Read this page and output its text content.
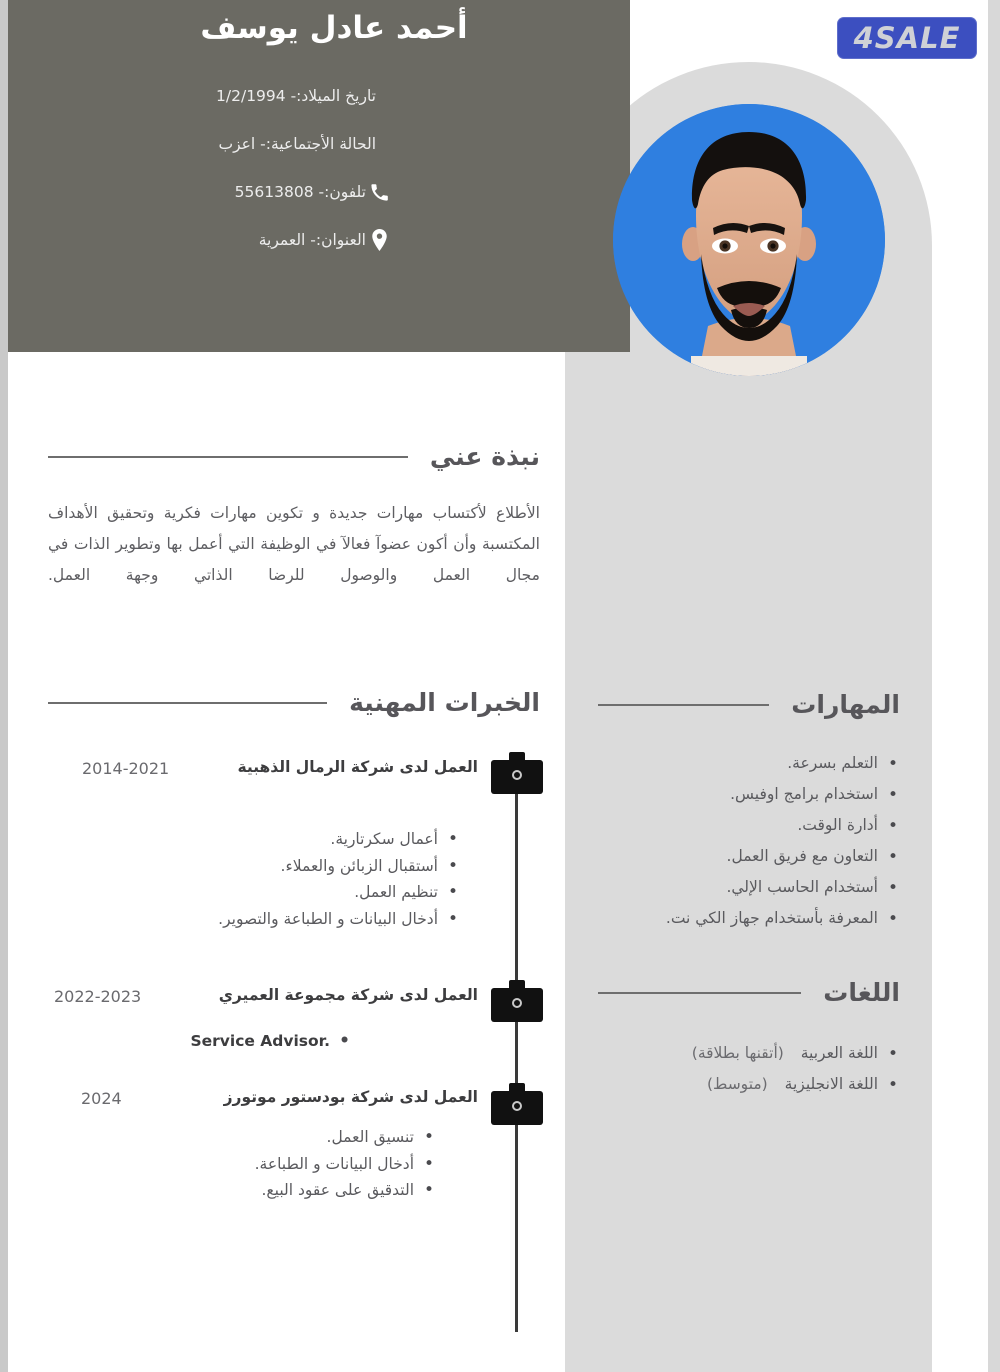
أحمد عادل يوسف
تاريخ الميلاد:- 1/2/1994
الحالة الأجتماعية:- اعزب
تلفون:- 55613808
العنوان:- العمرية
4SALE
نبذة عني
الأطلاع لأكتساب مهارات جديدة و تكوين مهارات فكرية وتحقيق الأهداف المكتسبة وأن أكون عضوآ فعالآ في الوظيفة التي أعمل بها وتطوير الذات في مجال العمل والوصول للرضا الذاتي وجهة العمل.
الخبرات المهنية
العمل لدى شركة الرمال الذهبية
2014-2021
• أعمال سكرتارية.
• أستقبال الزبائن والعملاء.
• تنظيم العمل.
• أدخال البيانات و الطباعة والتصوير.
العمل لدى شركة مجموعة العميري
2022-2023
• Service Advisor.
العمل لدى شركة بودستور موتورز
2024
• تنسيق العمل.
• أدخال البيانات و الطباعة.
• التدقيق على عقود البيع.
المهارات
• التعلم بسرعة.
• استخدام برامج اوفيس.
• أدارة الوقت.
• التعاون مع فريق العمل.
• أستخدام الحاسب الإلي.
• المعرفة بأستخدام جهاز الكي نت.
اللغات
• اللغة العربية (أتقنها بطلاقة)
• اللغة الانجليزية (متوسط)
